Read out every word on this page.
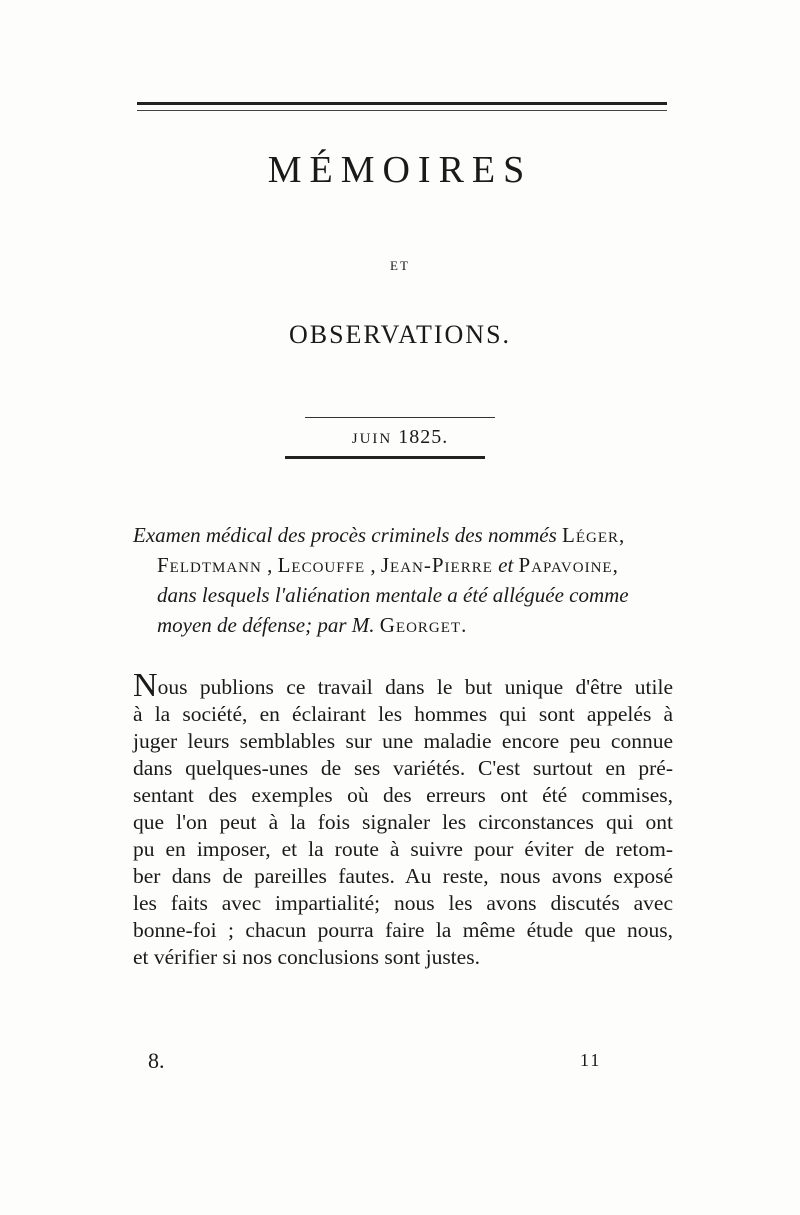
MÉMOIRES
ET
OBSERVATIONS.
JUIN 1825.
Examen médical des procès criminels des nommés Léger,
Feldtmann , Lecouffe , Jean-Pierre et Papavoine,
dans lesquels l'aliénation mentale a été alléguée comme
moyen de défense; par M. Georget.
Nous publions ce travail dans le but unique d'être utile
à la société, en éclairant les hommes qui sont appelés à
juger leurs semblables sur une maladie encore peu connue
dans quelques-unes de ses variétés. C'est surtout en pré-
sentant des exemples où des erreurs ont été commises,
que l'on peut à la fois signaler les circonstances qui ont
pu en imposer, et la route à suivre pour éviter de retom-
ber dans de pareilles fautes. Au reste, nous avons exposé
les faits avec impartialité; nous les avons discutés avec
bonne-foi ; chacun pourra faire la même étude que nous,
et vérifier si nos conclusions sont justes.
8.	11
